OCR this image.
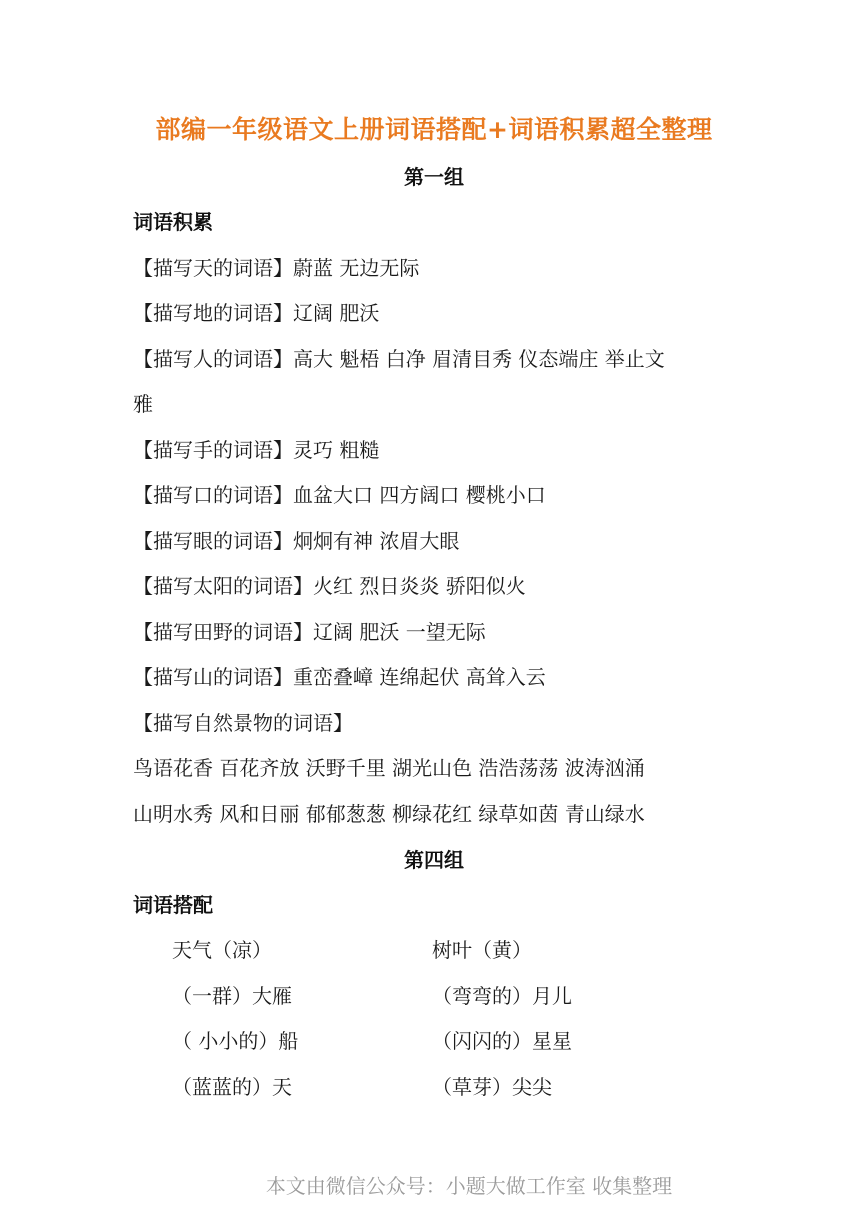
部编一年级语文上册词语搭配+词语积累超全整理
第一组
词语积累
【描写天的词语】蔚蓝 无边无际
【描写地的词语】辽阔 肥沃
【描写人的词语】高大 魁梧 白净 眉清目秀 仪态端庄 举止文
雅
【描写手的词语】灵巧 粗糙
【描写口的词语】血盆大口 四方阔口 樱桃小口
【描写眼的词语】炯炯有神 浓眉大眼
【描写太阳的词语】火红 烈日炎炎 骄阳似火
【描写田野的词语】辽阔 肥沃 一望无际
【描写山的词语】重峦叠嶂 连绵起伏 高耸入云
【描写自然景物的词语】
鸟语花香 百花齐放 沃野千里 湖光山色 浩浩荡荡 波涛汹涌
山明水秀 风和日丽 郁郁葱葱 柳绿花红 绿草如茵 青山绿水
第四组
词语搭配
天气（凉）	树叶（黄）
（一群）大雁	（弯弯的）月儿
（ 小小的）船	（闪闪的）星星
（蓝蓝的）天	（草芽）尖尖
本文由微信公众号：小题大做工作室 收集整理
